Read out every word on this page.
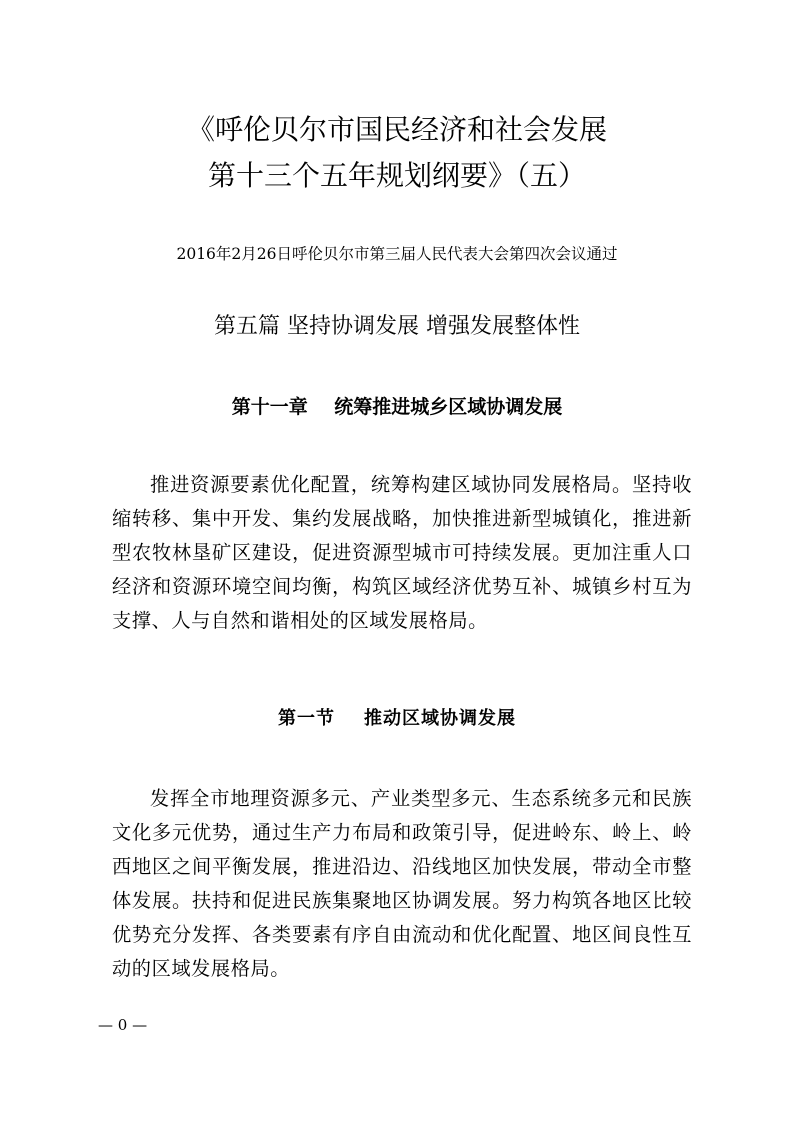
《呼伦贝尔市国民经济和社会发展
第十三个五年规划纲要》（五）
2016年2月26日呼伦贝尔市第三届人民代表大会第四次会议通过
第五篇 坚持协调发展 增强发展整体性
第十一章    统筹推进城乡区域协调发展

推进资源要素优化配置，统筹构建区域协同发展格局。坚持收缩转移、集中开发、集约发展战略，加快推进新型城镇化，推进新型农牧林垦矿区建设，促进资源型城市可持续发展。更加注重人口经济和资源环境空间均衡，构筑区域经济优势互补、城镇乡村互为支撑、人与自然和谐相处的区域发展格局。

第一节    推动区域协调发展

发挥全市地理资源多元、产业类型多元、生态系统多元和民族文化多元优势，通过生产力布局和政策引导，促进岭东、岭上、岭西地区之间平衡发展，推进沿边、沿线地区加快发展，带动全市整体发展。扶持和促进民族集聚地区协调发展。努力构筑各地区比较优势充分发挥、各类要素有序自由流动和优化配置、地区间良性互动的区域发展格局。

— 0 —
